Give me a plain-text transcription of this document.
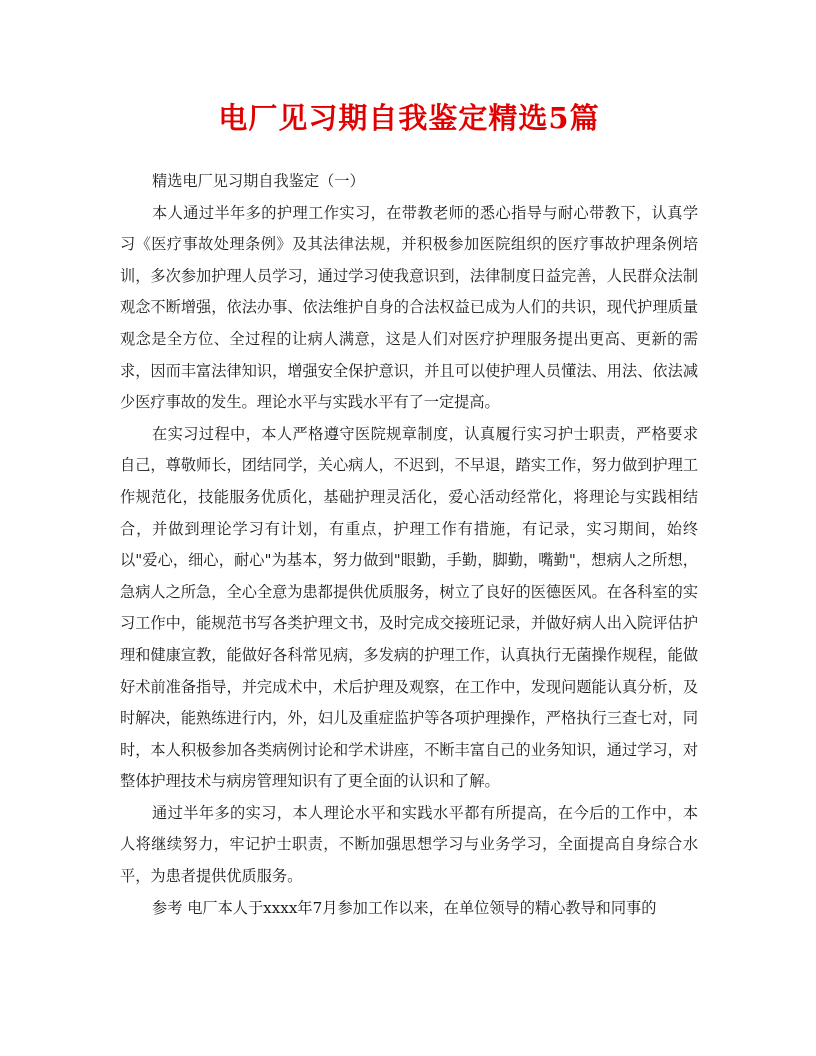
电厂见习期自我鉴定精选5篇

精选电厂见习期自我鉴定（一）

本人通过半年多的护理工作实习，在带教老师的悉心指导与耐心带教下，认真学习《医疗事故处理条例》及其法律法规，并积极参加医院组织的医疗事故护理条例培训，多次参加护理人员学习，通过学习使我意识到，法律制度日益完善，人民群众法制观念不断增强，依法办事、依法维护自身的合法权益已成为人们的共识，现代护理质量观念是全方位、全过程的让病人满意，这是人们对医疗护理服务提出更高、更新的需求，因而丰富法律知识，增强安全保护意识，并且可以使护理人员懂法、用法、依法减少医疗事故的发生。理论水平与实践水平有了一定提高。

在实习过程中，本人严格遵守医院规章制度，认真履行实习护士职责，严格要求自己，尊敬师长，团结同学，关心病人，不迟到，不早退，踏实工作，努力做到护理工作规范化，技能服务优质化，基础护理灵活化，爱心活动经常化，将理论与实践相结合，并做到理论学习有计划，有重点，护理工作有措施，有记录，实习期间，始终以"爱心，细心，耐心"为基本，努力做到"眼勤，手勤，脚勤，嘴勤"，想病人之所想，急病人之所急，全心全意为患都提供优质服务，树立了良好的医德医风。在各科室的实习工作中，能规范书写各类护理文书，及时完成交接班记录，并做好病人出入院评估护理和健康宣教，能做好各科常见病，多发病的护理工作，认真执行无菌操作规程，能做好术前准备指导，并完成术中，术后护理及观察，在工作中，发现问题能认真分析，及时解决，能熟练进行内，外，妇儿及重症监护等各项护理操作，严格执行三查七对，同时，本人积极参加各类病例讨论和学术讲座，不断丰富自己的业务知识，通过学习，对整体护理技术与病房管理知识有了更全面的认识和了解。

通过半年多的实习，本人理论水平和实践水平都有所提高，在今后的工作中，本人将继续努力，牢记护士职责，不断加强思想学习与业务学习，全面提高自身综合水平，为患者提供优质服务。

参考 电厂本人于xxxx年7月参加工作以来，在单位领导的精心教导和同事的
